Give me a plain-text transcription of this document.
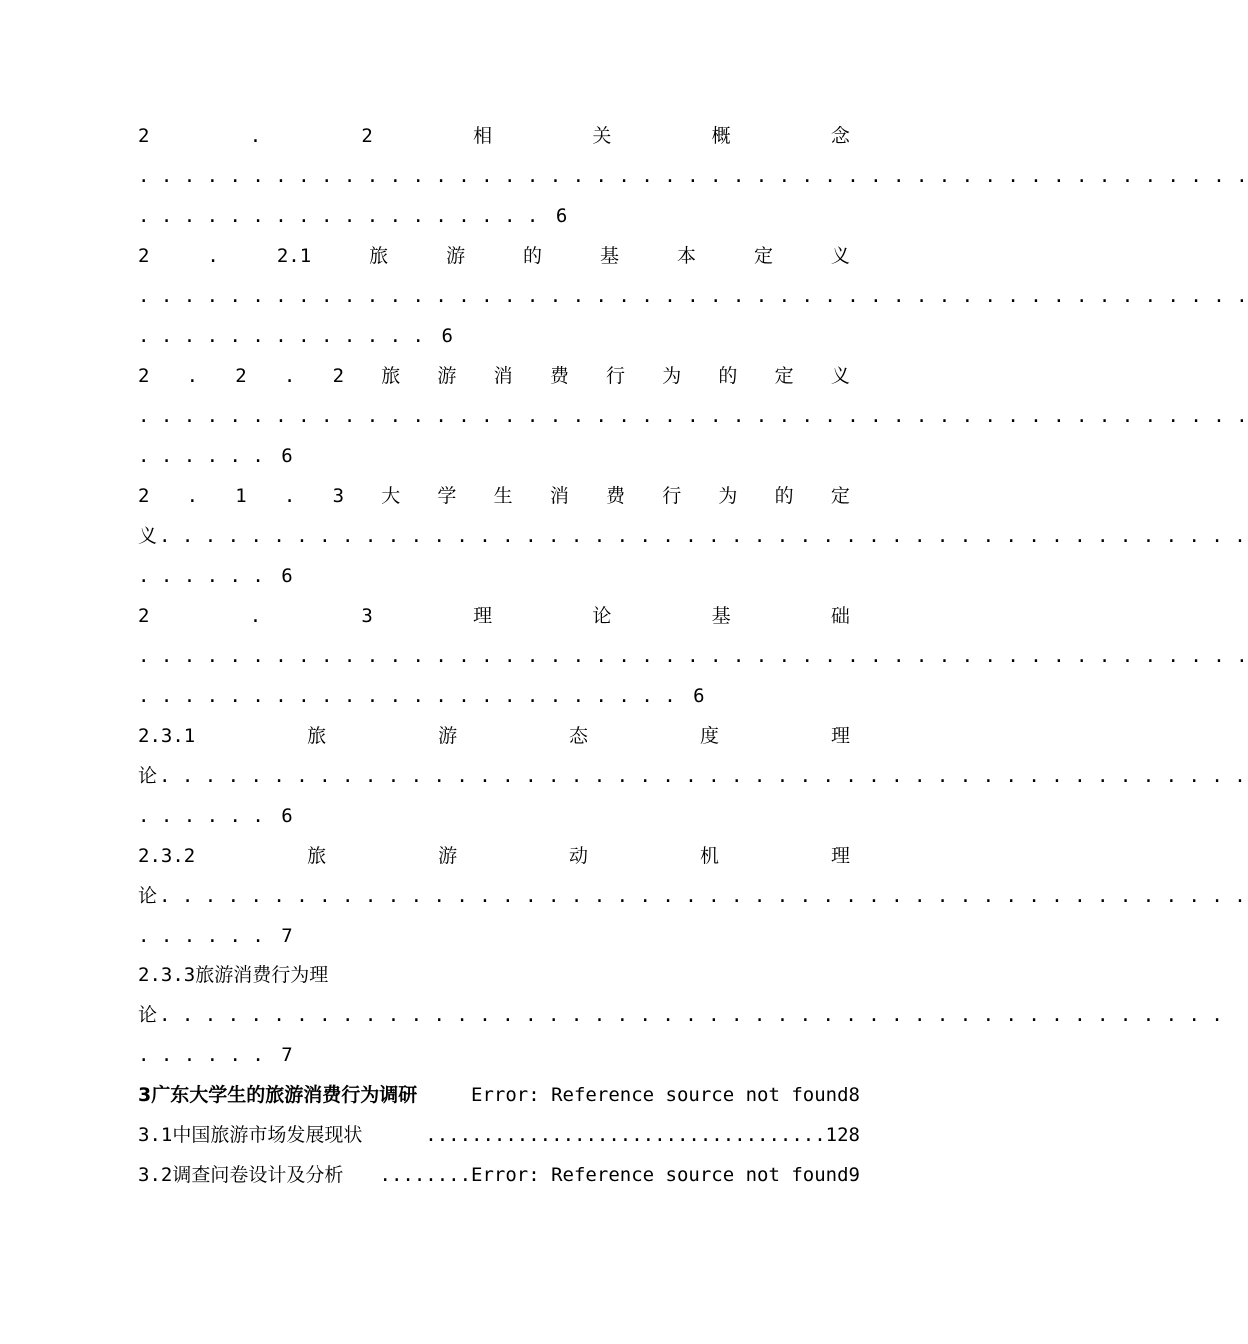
2	.	2	相	关	概	念
. . . . . . . . . . . . . . . . . . . . . . . . . . . . . . . . . . . . . . . . . . . . . . . . .
. . . . . . . . . . . . . . . . . . 6
2	.	2.1	旅	游	的	基	本	定	义
. . . . . . . . . . . . . . . . . . . . . . . . . . . . . . . . . . . . . . . . . . . . . . . . .
. . . . . . . . . . . . . 6
2 . 2 . 2 旅 游 消 费 行 为 的 定 义
. . . . . . . . . . . . . . . . . . . . . . . . . . . . . . . . . . . . . . . . . . . . . . . . .
. . . . . . 6
2 . 1 . 3 大 学 生 消 费 行 为 的 定
义 . . . . . . . . . . . . . . . . . . . . . . . . . . . . . . . . . . . . . . . . . . . . . . . .
. . . . . . 6
2	.	3	理	论	基	础
. . . . . . . . . . . . . . . . . . . . . . . . . . . . . . . . . . . . . . . . . . . . . . . . .
. . . . . . . . . . . . . . . . . . . . . . . . 6
2.3.1	旅	游	态	度	理
论 . . . . . . . . . . . . . . . . . . . . . . . . . . . . . . . . . . . . . . . . . . . . . . . .
. . . . . . 6
2.3.2	旅	游	动	机	理
论 . . . . . . . . . . . . . . . . . . . . . . . . . . . . . . . . . . . . . . . . . . . . . . . .
. . . . . . 7
2.3.3旅游消费行为理
论 . . . . . . . . . . . . . . . . . . . . . . . . . . . . . . . . . . . . . . . . . . . . . . .
. . . . . . 7
3广东大学生的旅游消费行为调研	Error: Reference source not found8
3.1中国旅游市场发展现状	...................................128
3.2调查问卷设计及分析 ........Error: Reference source not found9
